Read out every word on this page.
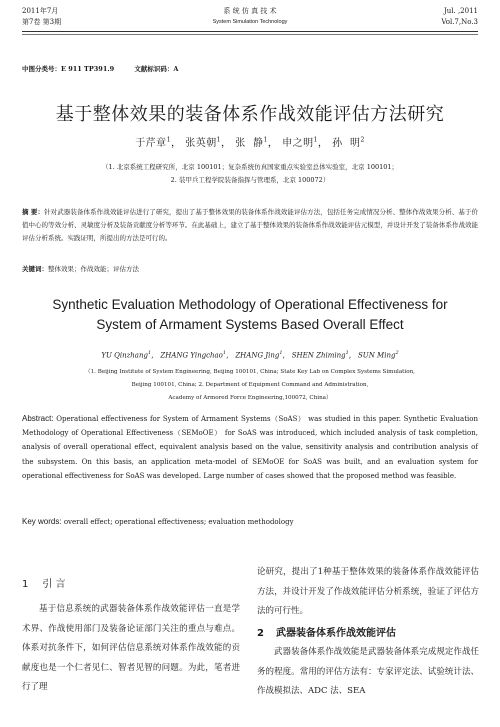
2011年7月
第7卷 第3期
系 统 仿 真 技 术
System Simulation Technology
Jul. ,2011
Vol.7,No.3
中图分类号：E 911 TP391.9	文献标识码：A
基于整体效果的装备体系作战效能评估方法研究
于芹章$^1$， 张英朝$^1$， 张  静$^1$， 申之明$^1$， 孙  明$^2$
（1. 北京系统工程研究所，北京 100101；复杂系统仿真国家重点实验室总体实验室，北京 100101；
2. 装甲兵工程学院装备指挥与管理系，北京 100072）
摘 要：针对武器装备体系作战效能评估进行了研究，提出了基于整体效果的装备体系作战效能评估方法，包括任务完成情况分析、整体作战效果分析、基于价值中心的等效分析、灵敏度分析及装备贡献度分析等环节。在此基础上，建立了基于整体效果的装备体系作战效能评估元模型，并设计开发了装备体系作战效能评估分析系统。实践证明，所提出的方法是可行的。
关键词：整体效果；作战效能；评估方法
Synthetic Evaluation Methodology of Operational Effectiveness for
System of Armament Systems Based Overall Effect
YU Qinzhang$^1$， ZHANG Yingchao$^1$， ZHANG Jing$^1$， SHEN Zhiming$^1$， SUN Ming$^2$
（1. Beijing Institute of System Engineering, Beijing 100101, China; State Key Lab on Complex Systems Simulation,
Beijing 100101, China; 2. Department of Equipment Command and Administration,
Academy of Armored Force Engineering,100072, China）
Abstract: Operational effectiveness for System of Armament Systems（SoAS） was studied in this paper. Synthetic Evaluation Methodology of Operational Effectiveness（SEMoOE） for SoAS was introduced, which included analysis of task completion, analysis of overall operational effect, equivalent analysis based on the value, sensitivity analysis and contribution analysis of the subsystem. On this basis, an application meta-model of SEMoOE for SoAS was built, and an evaluation system for operational effectiveness for SoAS was developed. Large number of cases showed that the proposed method was feasible.
Key words: overall effect; operational effectiveness; evaluation methodology
1 引 言

基于信息系统的武器装备体系作战效能评估一直是学术界、作战使用部门及装备论证部门关注的重点与难点。体系对抗条件下，如何评估信息系统对体系作战效能的贡献度也是一个仁者见仁、智者见智的问题。为此，笔者进行了理

论研究，提出了1种基于整体效果的装备体系作战效能评估方法，并设计开发了作战效能评估分析系统，验证了评估方法的可行性。

2 武器装备体系作战效能评估

武器装备体系作战效能是武器装备体系完成规定作战任务的程度。常用的评估方法有：专家评定法、试验统计法、作战模拟法、ADC 法、SEA
